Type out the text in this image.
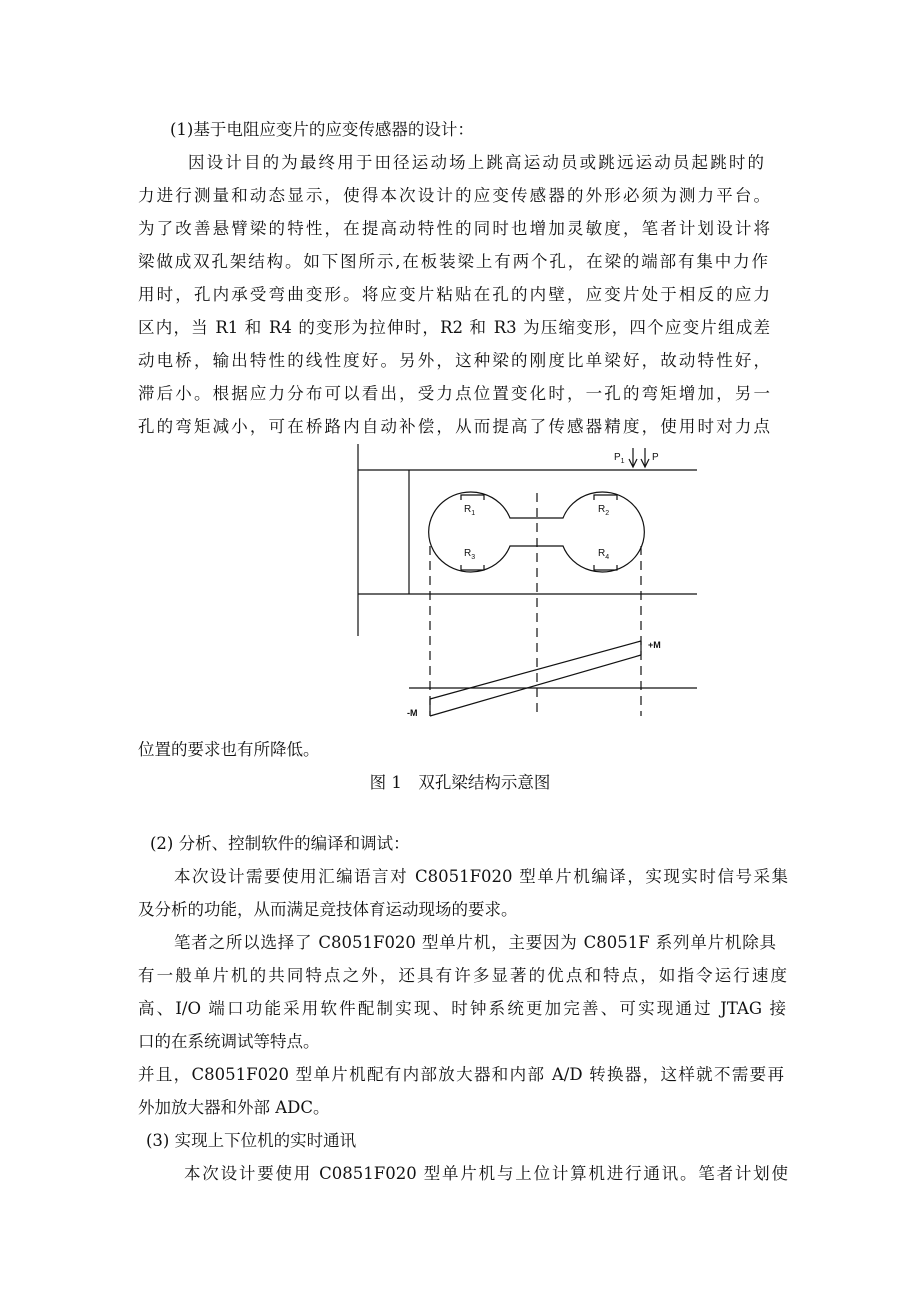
(1)基于电阻应变片的应变传感器的设计：
因设计目的为最终用于田径运动场上跳高运动员或跳远运动员起跳时的
力进行测量和动态显示，使得本次设计的应变传感器的外形必须为测力平台。
为了改善悬臂梁的特性，在提高动特性的同时也增加灵敏度，笔者计划设计将
梁做成双孔架结构。如下图所示,在板装梁上有两个孔，在梁的端部有集中力作
用时，孔内承受弯曲变形。将应变片粘贴在孔的内壁，应变片处于相反的应力
区内，当 R1 和 R4 的变形为拉伸时，R2 和 R3 为压缩变形，四个应变片组成差
动电桥，输出特性的线性度好。另外，这种梁的刚度比单梁好，故动特性好，
滞后小。根据应力分布可以看出，受力点位置变化时，一孔的弯矩增加，另一
孔的弯矩减小，可在桥路内自动补偿，从而提高了传感器精度，使用时对力点
$P_1$	P
$R_1$	$R_2$
$R_3$	$R_4$
+M
-M
位置的要求也有所降低。
图 1　双孔梁结构示意图
(2) 分析、控制软件的编译和调试：
本次设计需要使用汇编语言对 C8051F020 型单片机编译，实现实时信号采集
及分析的功能，从而满足竞技体育运动现场的要求。
笔者之所以选择了 C8051F020 型单片机，主要因为 C8051F 系列单片机除具
有一般单片机的共同特点之外，还具有许多显著的优点和特点，如指令运行速度
高、I/O 端口功能采用软件配制实现、时钟系统更加完善、可实现通过 JTAG 接
口的在系统调试等特点。
并且，C8051F020 型单片机配有内部放大器和内部 A/D 转换器，这样就不需要再
外加放大器和外部 ADC。
(3) 实现上下位机的实时通讯
本次设计要使用 C0851F020 型单片机与上位计算机进行通讯。笔者计划使
